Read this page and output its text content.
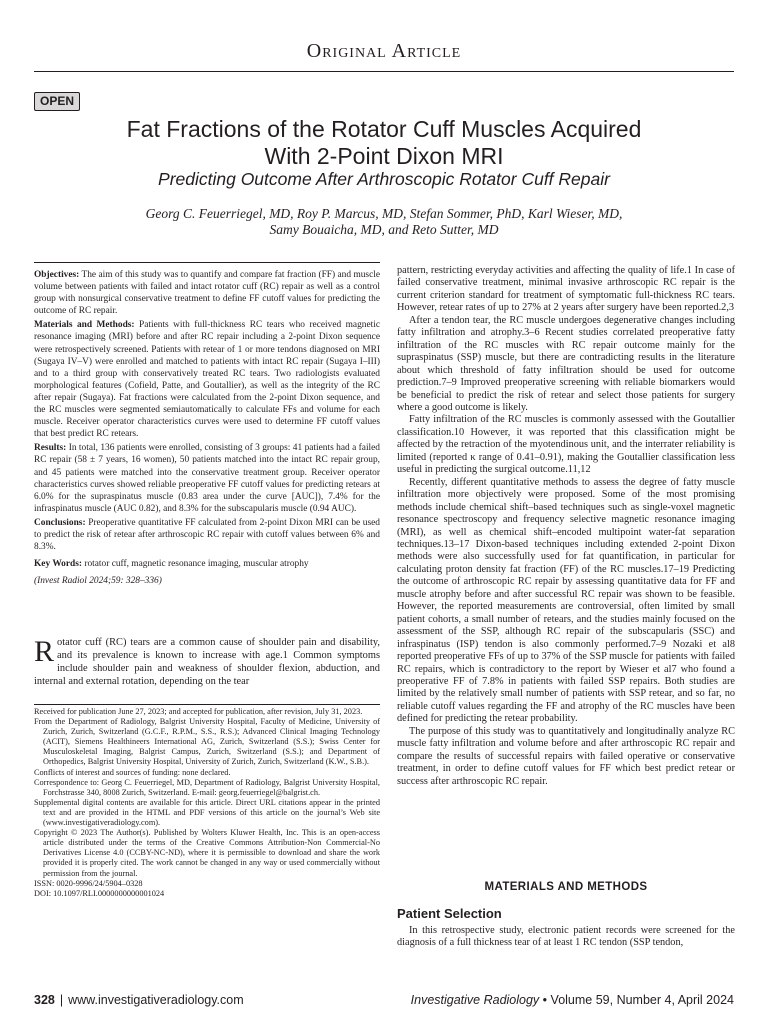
Original Article
OPEN
Fat Fractions of the Rotator Cuff Muscles Acquired
With 2-Point Dixon MRI
Predicting Outcome After Arthroscopic Rotator Cuff Repair
Georg C. Feuerriegel, MD, Roy P. Marcus, MD, Stefan Sommer, PhD, Karl Wieser, MD,
Samy Bouaicha, MD, and Reto Sutter, MD

Objectives: The aim of this study was to quantify and compare fat fraction (FF) and muscle volume between patients with failed and intact rotator cuff (RC) repair as well as a control group with nonsurgical conservative treatment to define FF cutoff values for predicting the outcome of RC repair.

Materials and Methods: Patients with full-thickness RC tears who received magnetic resonance imaging (MRI) before and after RC repair including a 2-point Dixon sequence were retrospectively screened. Patients with retear of 1 or more tendons diagnosed on MRI (Sugaya IV–V) were enrolled and matched to patients with intact RC repair (Sugaya I–III) and to a third group with conservatively treated RC tears. Two radiologists evaluated morphological features (Cofield, Patte, and Goutallier), as well as the integrity of the RC after repair (Sugaya). Fat fractions were calculated from the 2-point Dixon sequence, and the RC muscles were segmented semiautomatically to calculate FFs and volume for each muscle. Receiver operator characteristics curves were used to determine FF cutoff values that best predict RC retears.

Results: In total, 136 patients were enrolled, consisting of 3 groups: 41 patients had a failed RC repair (58 ± 7 years, 16 women), 50 patients matched into the intact RC repair group, and 45 patients were matched into the conservative treatment group. Receiver operator characteristics curves showed reliable preoperative FF cutoff values for predicting retears at 6.0% for the supraspinatus muscle (0.83 area under the curve [AUC]), 7.4% for the infraspinatus muscle (AUC 0.82), and 8.3% for the subscapularis muscle (0.94 AUC).

Conclusions: Preoperative quantitative FF calculated from 2-point Dixon MRI can be used to predict the risk of retear after arthroscopic RC repair with cutoff values between 6% and 8.3%.

Key Words: rotator cuff, magnetic resonance imaging, muscular atrophy

(Invest Radiol 2024;59: 328–336)

Rotator cuff (RC) tears are a common cause of shoulder pain and disability, and its prevalence is known to increase with age.1 Common symptoms include shoulder pain and weakness of shoulder flexion, abduction, and internal and external rotation, depending on the tear

Received for publication June 27, 2023; and accepted for publication, after revision, July 31, 2023.

From the Department of Radiology, Balgrist University Hospital, Faculty of Medicine, University of Zurich, Zurich, Switzerland (G.C.F., R.P.M., S.S., R.S.); Advanced Clinical Imaging Technology (ACIT), Siemens Healthineers International AG, Zurich, Switzerland (S.S.); Swiss Center for Musculoskeletal Imaging, Balgrist Campus, Zurich, Switzerland (S.S.); and Department of Orthopedics, Balgrist University Hospital, University of Zurich, Zurich, Switzerland (K.W., S.B.).

Conflicts of interest and sources of funding: none declared.

Correspondence to: Georg C. Feuerriegel, MD, Department of Radiology, Balgrist University Hospital, Forchstrasse 340, 8008 Zurich, Switzerland. E-mail: georg.feuerriegel@balgrist.ch.

Supplemental digital contents are available for this article. Direct URL citations appear in the printed text and are provided in the HTML and PDF versions of this article on the journal’s Web site (www.investigativeradiology.com).

Copyright © 2023 The Author(s). Published by Wolters Kluwer Health, Inc. This is an open-access article distributed under the terms of the Creative Commons Attribution-Non Commercial-No Derivatives License 4.0 (CCBY-NC-ND), where it is permissible to download and share the work provided it is properly cited. The work cannot be changed in any way or used commercially without permission from the journal.

ISSN: 0020-9996/24/5904–0328

DOI: 10.1097/RLI.0000000000001024

pattern, restricting everyday activities and affecting the quality of life.1 In case of failed conservative treatment, minimal invasive arthroscopic RC repair is the current criterion standard for treatment of symptomatic full-thickness RC tears. However, retear rates of up to 27% at 2 years after surgery have been reported.2,3

After a tendon tear, the RC muscle undergoes degenerative changes including fatty infiltration and atrophy.3–6 Recent studies correlated preoperative fatty infiltration of the RC muscles with RC repair outcome mainly for the supraspinatus (SSP) muscle, but there are contradicting results in the literature about which threshold of fatty infiltration should be used for outcome prediction.7–9 Improved preoperative screening with reliable biomarkers would be beneficial to predict the risk of retear and select those patients for surgery where a good outcome is likely.

Fatty infiltration of the RC muscles is commonly assessed with the Goutallier classification.10 However, it was reported that this classification might be affected by the retraction of the myotendinous unit, and the interrater reliability is limited (reported κ range of 0.41–0.91), making the Goutallier classification less useful in predicting the surgical outcome.11,12

Recently, different quantitative methods to assess the degree of fatty muscle infiltration more objectively were proposed. Some of the most promising methods include chemical shift–based techniques such as single-voxel magnetic resonance spectroscopy and frequency selective magnetic resonance imaging (MRI), as well as chemical shift–encoded multipoint water-fat separation techniques.13–17 Dixon-based techniques including extended 2-point Dixon methods were also successfully used for fat quantification, in particular for calculating proton density fat fraction (FF) of the RC muscles.17–19 Predicting the outcome of arthroscopic RC repair by assessing quantitative data for FF and muscle atrophy before and after successful RC repair was shown to be feasible. However, the reported measurements are controversial, often limited by small patient cohorts, a small number of retears, and the studies mainly focused on the assessment of the SSP, although RC repair of the subscapularis (SSC) and infraspinatus (ISP) tendon is also commonly performed.7–9 Nozaki et al8 reported preoperative FFs of up to 37% of the SSP muscle for patients with failed RC repairs, which is contradictory to the report by Wieser et al7 who found a preoperative FF of 7.8% in patients with failed SSP repairs. Both studies are limited by the relatively small number of patients with SSP retear, and so far, no reliable cutoff values regarding the FF and atrophy of the RC muscles have been defined for predicting the retear probability.

The purpose of this study was to quantitatively and longitudinally analyze RC muscle fatty infiltration and volume before and after arthroscopic RC repair and compare the results of successful repairs with failed operative or conservative treatment, in order to define cutoff values for FF which best predict retear or success after arthroscopic RC repair.

MATERIALS AND METHODS
Patient Selection

In this retrospective study, electronic patient records were screened for the diagnosis of a full thickness tear of at least 1 RC tendon (SSP tendon,

328 | www.investigativeradiology.com	Investigative Radiology • Volume 59, Number 4, April 2024
